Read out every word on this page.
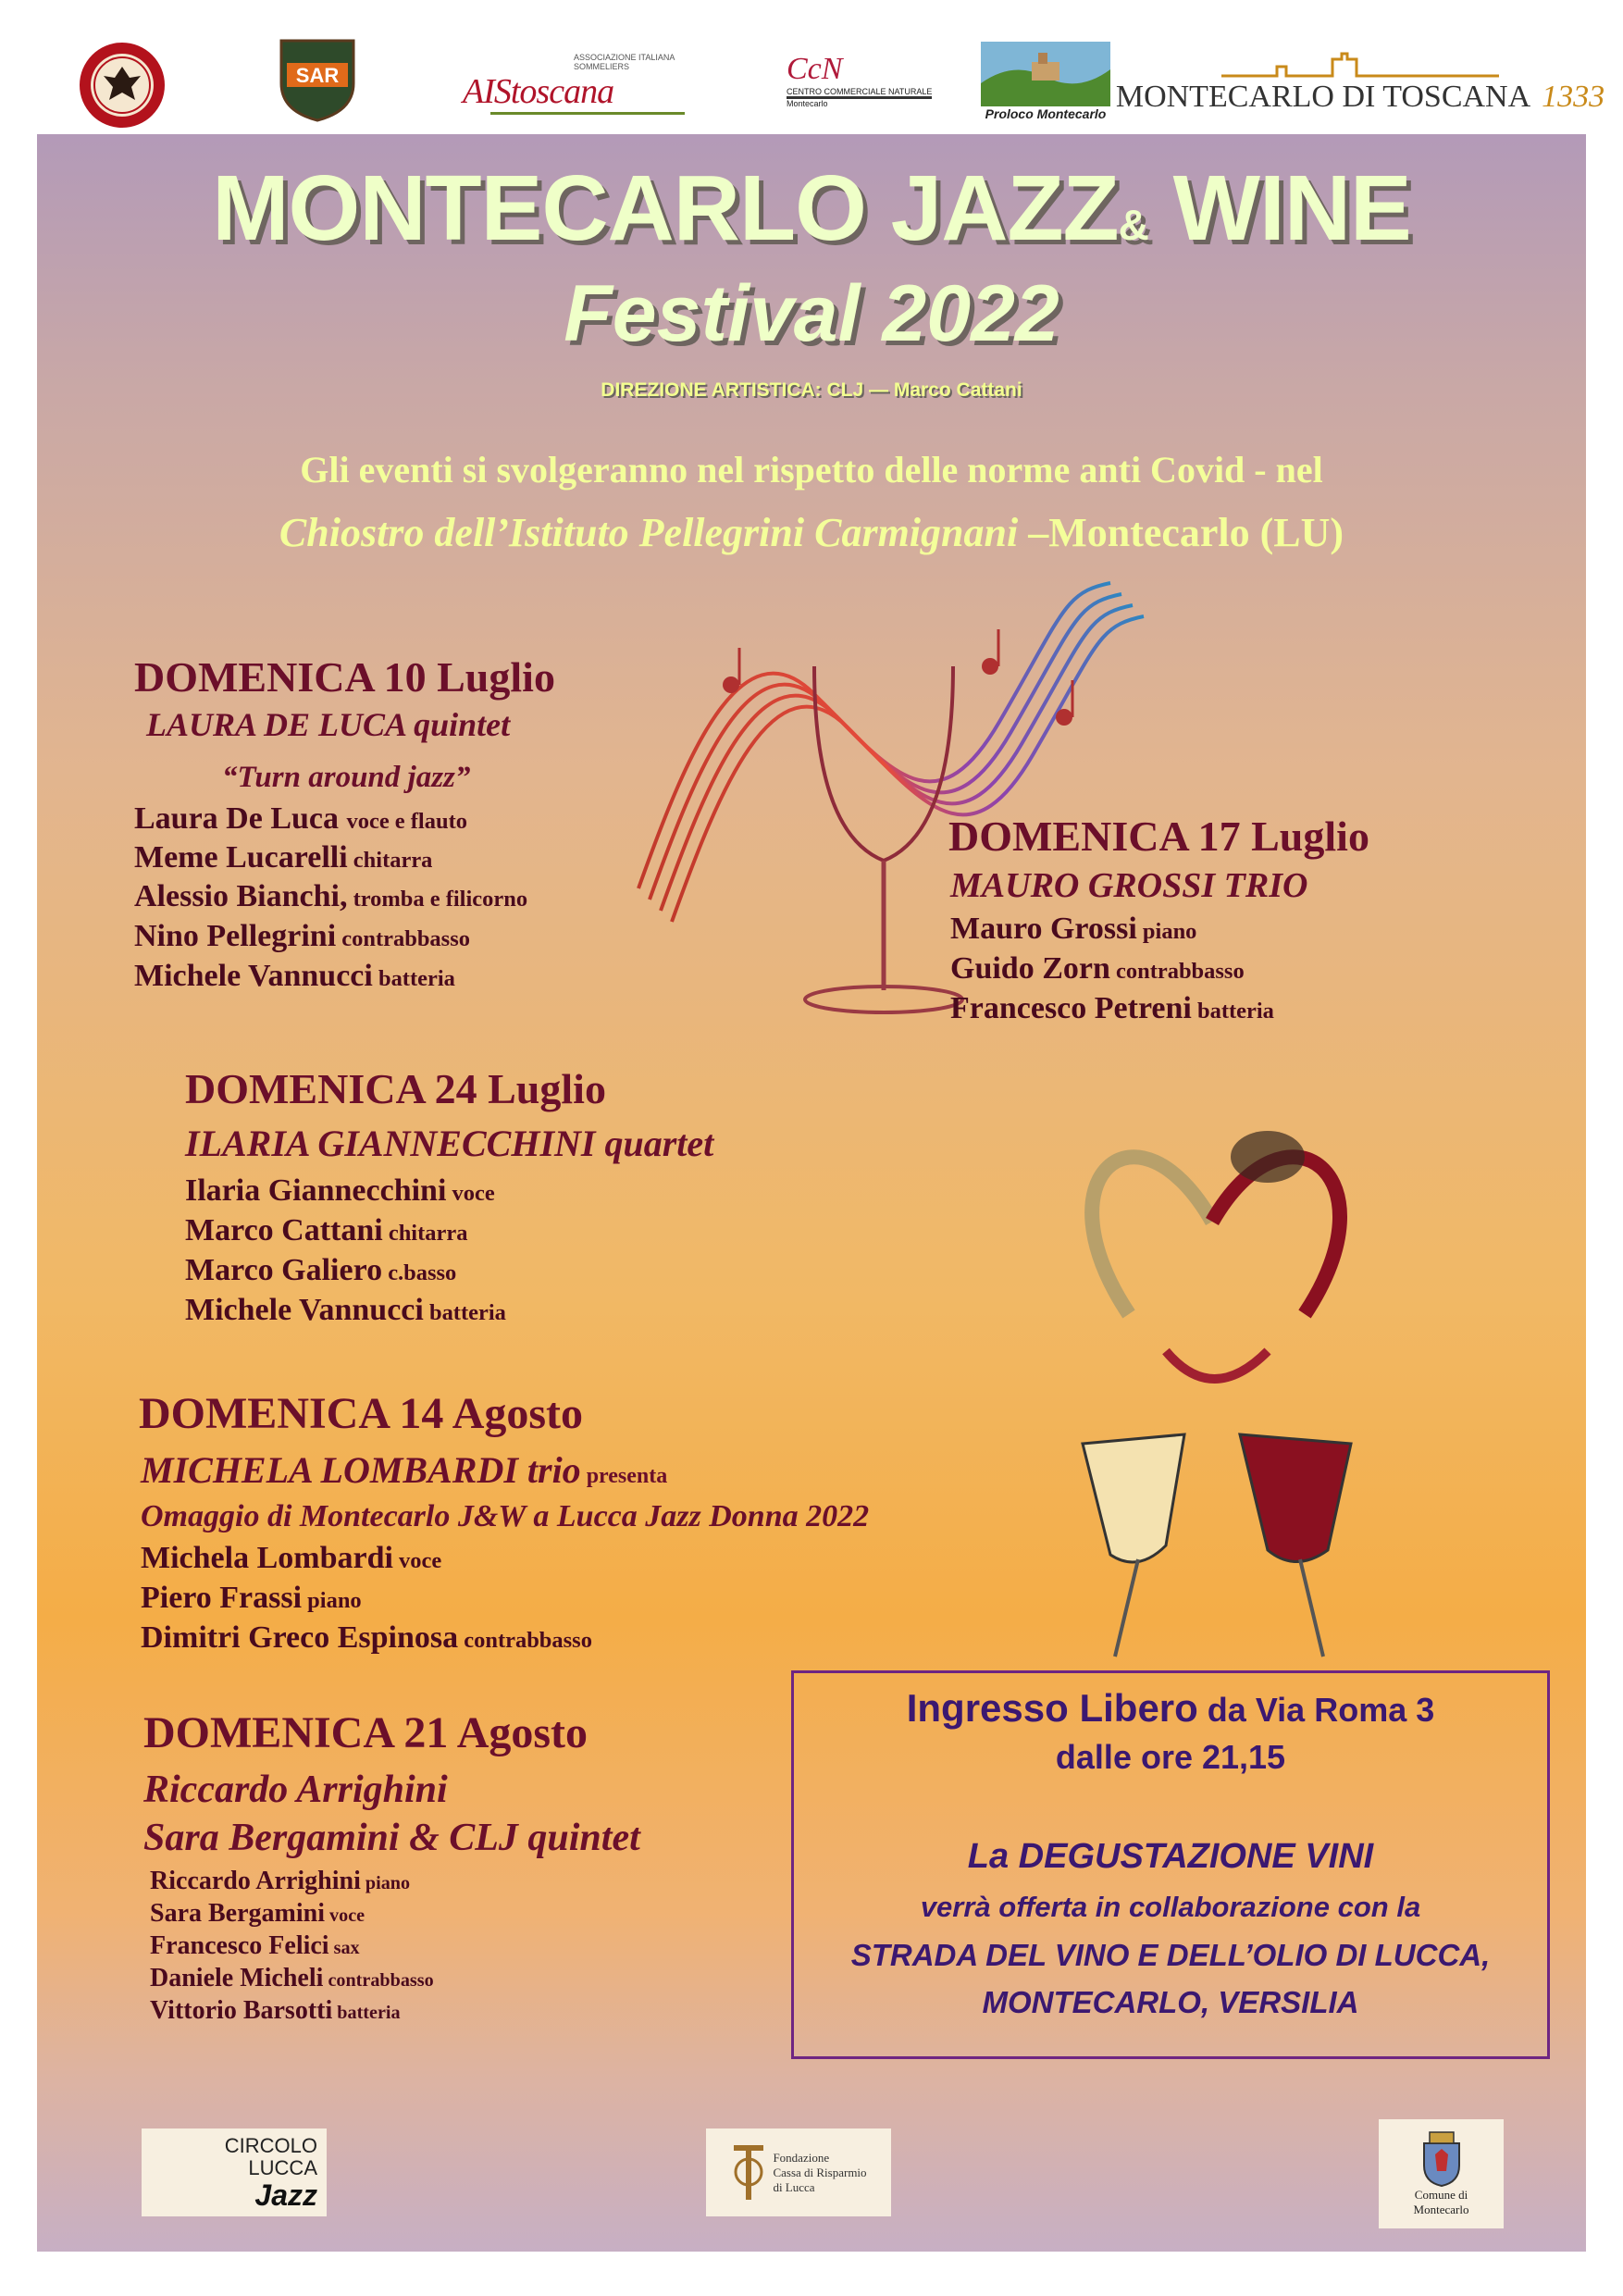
SAR
ASSOCIAZIONE ITALIANA SOMMELIERS
AIStoscana
CcN
CENTRO COMMERCIALE NATURALE
Montecarlo
Proloco Montecarlo
MONTECARLO DI TOSCANA 1333
MONTECARLO JAZZ& WINE
Festival 2022
DIREZIONE ARTISTICA: CLJ — Marco Cattani
Gli eventi si svolgeranno nel rispetto delle norme anti Covid - nel
Chiostro dell’Istituto Pellegrini Carmignani –Montecarlo (LU)
DOMENICA 10 Luglio
LAURA DE LUCA quintet
“Turn around jazz”
Laura De Luca voce e flauto
Meme Lucarelli chitarra
Alessio Bianchi, tromba e filicorno
Nino Pellegrini contrabbasso
Michele Vannucci batteria
DOMENICA 17 Luglio
MAURO GROSSI TRIO
Mauro Grossi piano
Guido Zorn contrabbasso
Francesco Petreni batteria
DOMENICA 24 Luglio
ILARIA GIANNECCHINI quartet
Ilaria Giannecchini voce
Marco Cattani chitarra
Marco Galiero c.basso
Michele Vannucci batteria
DOMENICA 14 Agosto
MICHELA LOMBARDI trio presenta
Omaggio di Montecarlo J&W a Lucca Jazz Donna 2022
Michela Lombardi voce
Piero Frassi piano
Dimitri Greco Espinosa contrabbasso
DOMENICA 21 Agosto
Riccardo Arrighini
Sara Bergamini & CLJ quintet
Riccardo Arrighini piano
Sara Bergamini voce
Francesco Felici sax
Daniele Micheli contrabbasso
Vittorio Barsotti batteria
Ingresso Libero da Via Roma 3
dalle ore 21,15
La DEGUSTAZIONE VINI
verrà offerta in collaborazione con la
STRADA DEL VINO E DELL’OLIO DI LUCCA,
MONTECARLO, VERSILIA
CIRCOLO
LUCCA
Jazz
Fondazione
Cassa di Risparmio
di Lucca
Comune di
Montecarlo
